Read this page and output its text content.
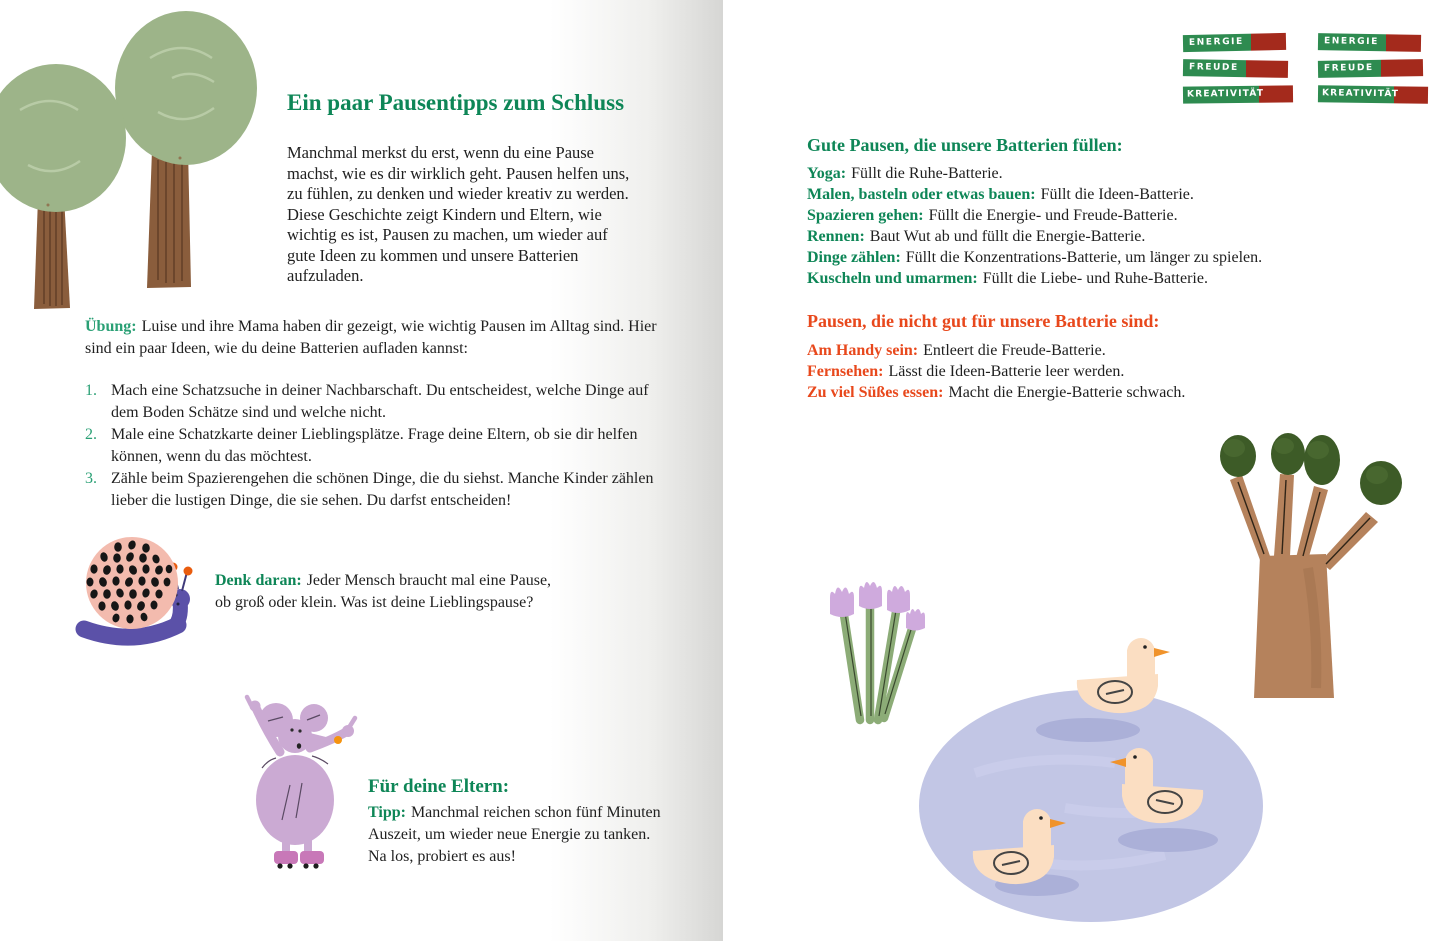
Ein paar Pausentipps zum Schluss
Manchmal merkst du erst, wenn du eine Pause machst, wie es dir wirklich geht. Pausen helfen uns, zu fühlen, zu denken und wieder kreativ zu werden. Diese Geschichte zeigt Kindern und Eltern, wie wichtig es ist, Pausen zu machen, um wieder auf gute Ideen zu kommen und unsere Batterien aufzuladen.
Übung: Luise und ihre Mama haben dir gezeigt, wie wichtig Pausen im Alltag sind. Hier sind ein paar Ideen, wie du deine Batterien aufladen kannst:
1. Mach eine Schatzsuche in deiner Nachbarschaft. Du entscheidest, welche Dinge auf dem Boden Schätze sind und welche nicht.
2. Male eine Schatzkarte deiner Lieblingsplätze. Frage deine Eltern, ob sie dir helfen können, wenn du das möchtest.
3. Zähle beim Spazierengehen die schönen Dinge, die du siehst. Manche Kinder zählen lieber die lustigen Dinge, die sie sehen. Du darfst entscheiden!
Denk daran: Jeder Mensch braucht mal eine Pause, ob groß oder klein. Was ist deine Lieblingspause?
Für deine Eltern:
Tipp: Manchmal reichen schon fünf Minuten Auszeit, um wieder neue Energie zu tanken. Na los, probiert es aus!
ENERGIE
FREUDE
KREATIVITÄT
ENERGIE
FREUDE
KREATIVITÄT
Gute Pausen, die unsere Batterien füllen:
Yoga: Füllt die Ruhe-Batterie.
Malen, basteln oder etwas bauen: Füllt die Ideen-Batterie.
Spazieren gehen: Füllt die Energie- und Freude-Batterie.
Rennen: Baut Wut ab und füllt die Energie-Batterie.
Dinge zählen: Füllt die Konzentrations-Batterie, um länger zu spielen.
Kuscheln und umarmen: Füllt die Liebe- und Ruhe-Batterie.
Pausen, die nicht gut für unsere Batterie sind:
Am Handy sein: Entleert die Freude-Batterie.
Fernsehen: Lässt die Ideen-Batterie leer werden.
Zu viel Süßes essen: Macht die Energie-Batterie schwach.
